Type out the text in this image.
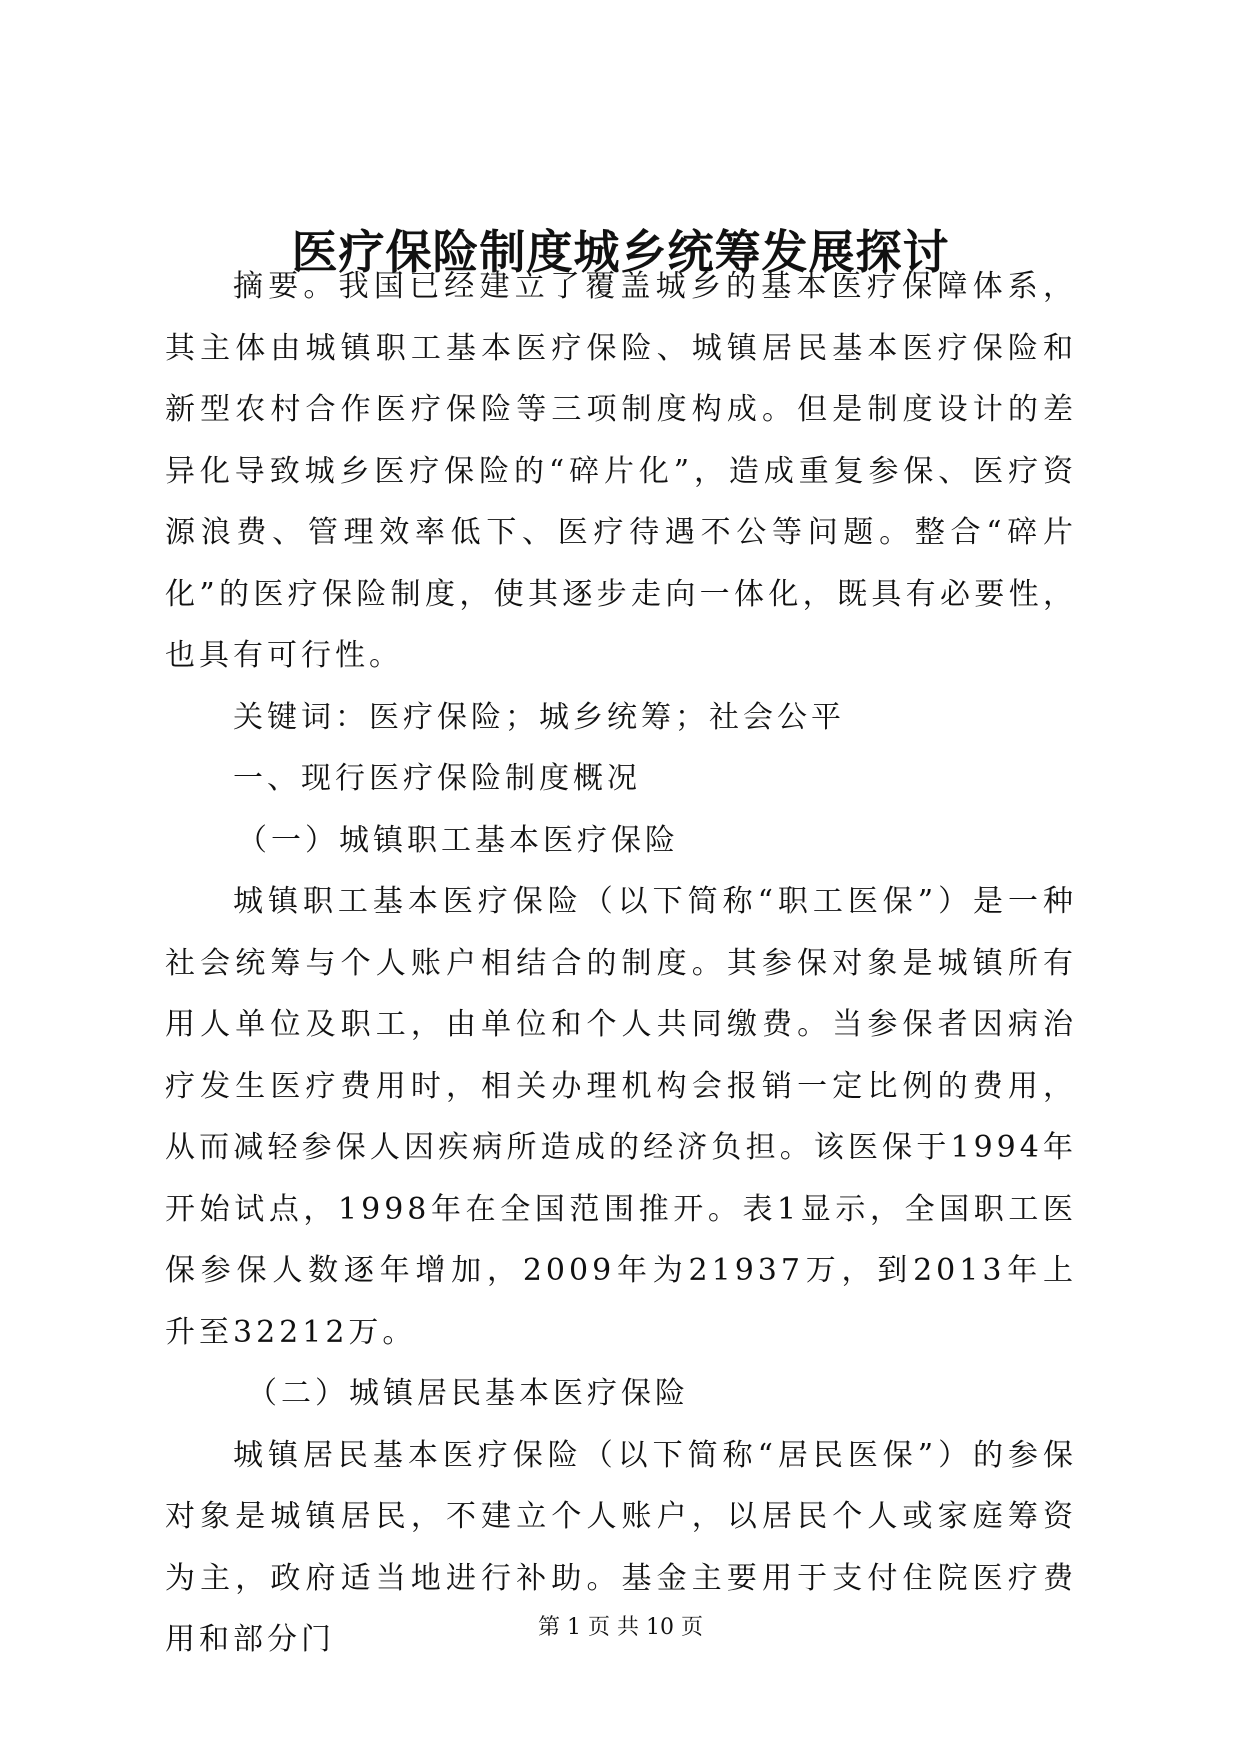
医疗保险制度城乡统筹发展探讨

摘要。我国已经建立了覆盖城乡的基本医疗保障体系，其主体由城镇职工基本医疗保险、城镇居民基本医疗保险和新型农村合作医疗保险等三项制度构成。但是制度设计的差异化导致城乡医疗保险的“碎片化”，造成重复参保、医疗资源浪费、管理效率低下、医疗待遇不公等问题。整合“碎片化”的医疗保险制度，使其逐步走向一体化，既具有必要性，也具有可行性。

关键词：医疗保险；城乡统筹；社会公平

一、现行医疗保险制度概况

（一）城镇职工基本医疗保险

城镇职工基本医疗保险（以下简称“职工医保”）是一种社会统筹与个人账户相结合的制度。其参保对象是城镇所有用人单位及职工，由单位和个人共同缴费。当参保者因病治疗发生医疗费用时，相关办理机构会报销一定比例的费用，从而减轻参保人因疾病所造成的经济负担。该医保于1994年开始试点，1998年在全国范围推开。表1显示，全国职工医保参保人数逐年增加，2009年为21937万，到2013年上升至32212万。

（二）城镇居民基本医疗保险

城镇居民基本医疗保险（以下简称“居民医保”）的参保对象是城镇居民，不建立个人账户，以居民个人或家庭筹资为主，政府适当地进行补助。基金主要用于支付住院医疗费用和部分门	第 1 页 共 10 页
